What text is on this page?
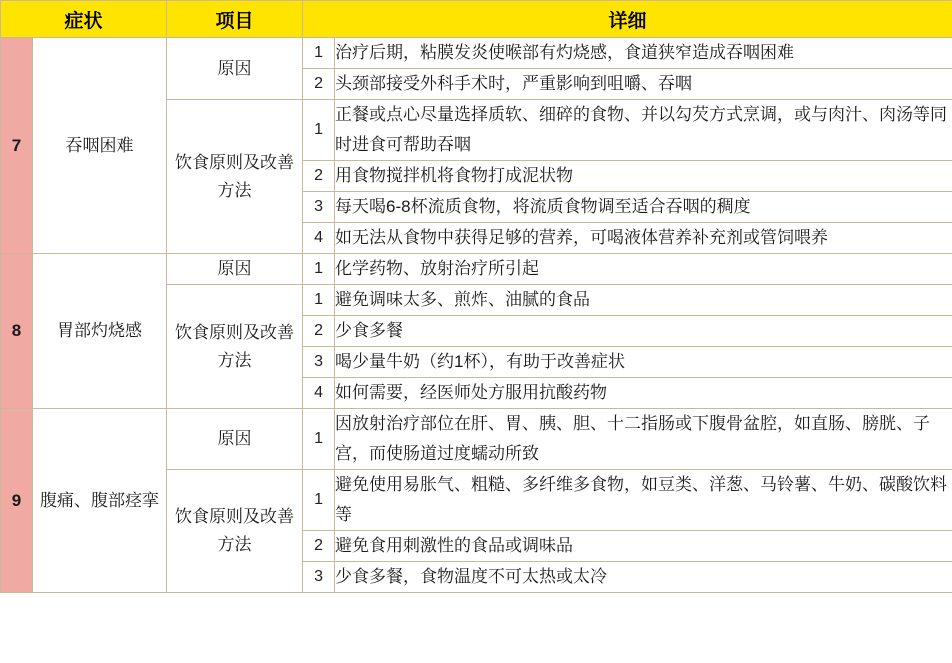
症状		项目	详细	
7	吞咽困难	原因	1	治疗后期，粘膜发炎使喉部有灼烧感，食道狭窄造成吞咽困难
			2	头颈部接受外科手术时，严重影响到咀嚼、吞咽
		饮食原则及改善方法	1	正餐或点心尽量选择质软、细碎的食物、并以勾芡方式烹调，或与肉汁、肉汤等同时进食可帮助吞咽
			2	用食物搅拌机将食物打成泥状物
			3	每天喝6-8杯流质食物，将流质食物调至适合吞咽的稠度
			4	如无法从食物中获得足够的营养，可喝液体营养补充剂或管饲喂养
8	胃部灼烧感	原因	1	化学药物、放射治疗所引起
		饮食原则及改善方法	1	避免调味太多、煎炸、油腻的食品
			2	少食多餐
			3	喝少量牛奶（约1杯），有助于改善症状
			4	如何需要，经医师处方服用抗酸药物
9	腹痛、腹部痉挛	原因	1	因放射治疗部位在肝、胃、胰、胆、十二指肠或下腹骨盆腔，如直肠、膀胱、子宫，而使肠道过度蠕动所致
		饮食原则及改善方法	1	避免使用易胀气、粗糙、多纤维多食物，如豆类、洋葱、马铃薯、牛奶、碳酸饮料等
			2	避免食用刺激性的食品或调味品
			3	少食多餐，食物温度不可太热或太冷
